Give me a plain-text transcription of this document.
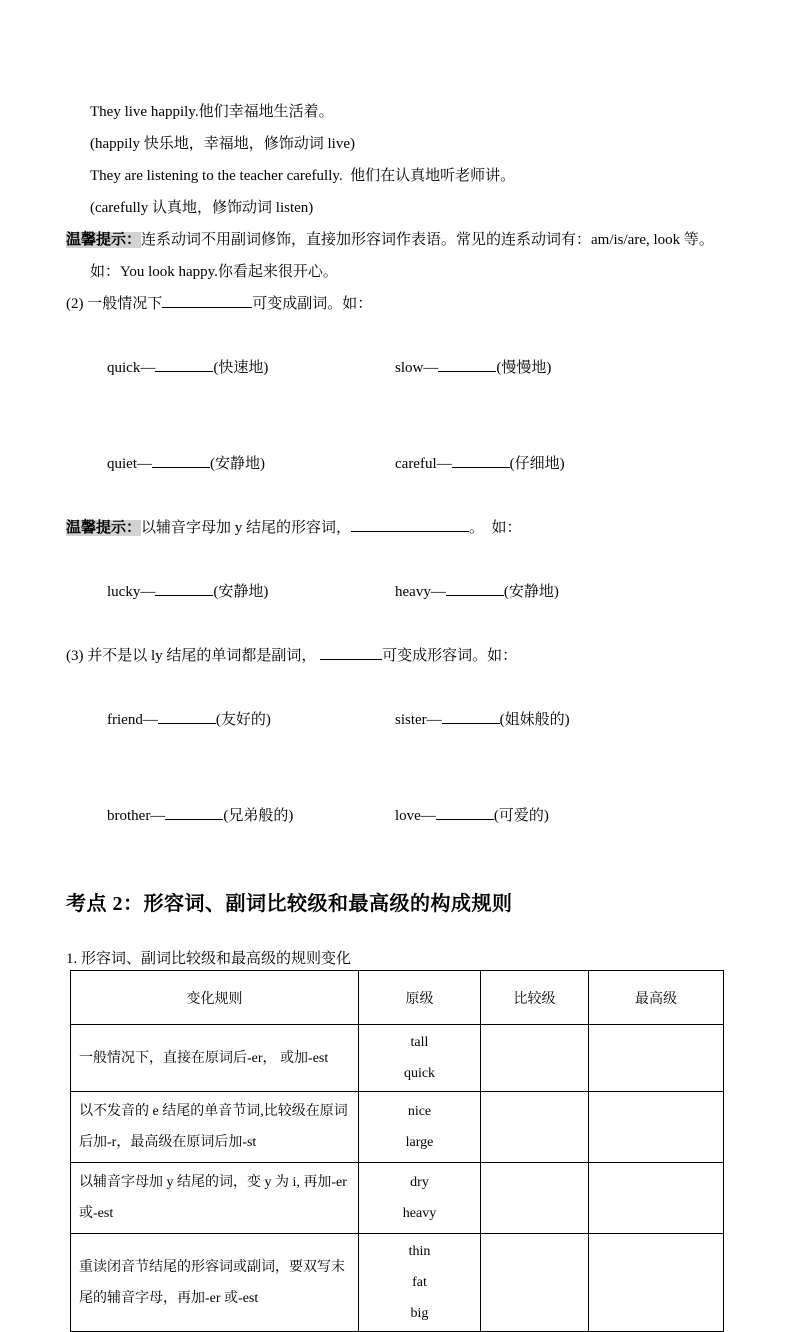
They live happily.他们幸福地生活着。

(happily 快乐地，幸福地，修饰动词 live)

They are listening to the teacher carefully.  他们在认真地听老师讲。

(carefully 认真地，修饰动词 listen)

温馨提示：连系动词不用副词修饰，直接加形容词作表语。常见的连系动词有：am/is/are, look 等。

如：You look happy.你看起来很开心。

(2) 一般情况下	可变成副词。如：

quick—	(快速地)	slow—	(慢慢地)

quiet—	(安静地)	careful—	(仔细地)

温馨提示：以辅音字母加 y 结尾的形容词，	。  如：

lucky—	(安静地)	heavy—	(安静地)

(3) 并不是以 ly 结尾的单词都是副词，	可变成形容词。如：

friend—	(友好的)	sister—	(姐妹般的)

brother—	(兄弟般的)	love—	(可爱的)

考点 2：形容词、副词比较级和最高级的构成规则

1. 形容词、副词比较级和最高级的规则变化

变化规则	原级	比较级	最高级
一般情况下，直接在原词后-er， 或加-est	tall
quick		

以不发音的 e 结尾的单音节词,比较级在原词后加-r，最高级在原词后加-st	nice
large		

以辅音字母加 y 结尾的词，变 y 为 i, 再加-er 或-est	dry
heavy		

重读闭音节结尾的形容词或副词，要双写末尾的辅音字母，再加-er 或-est	thin
fat
big		
